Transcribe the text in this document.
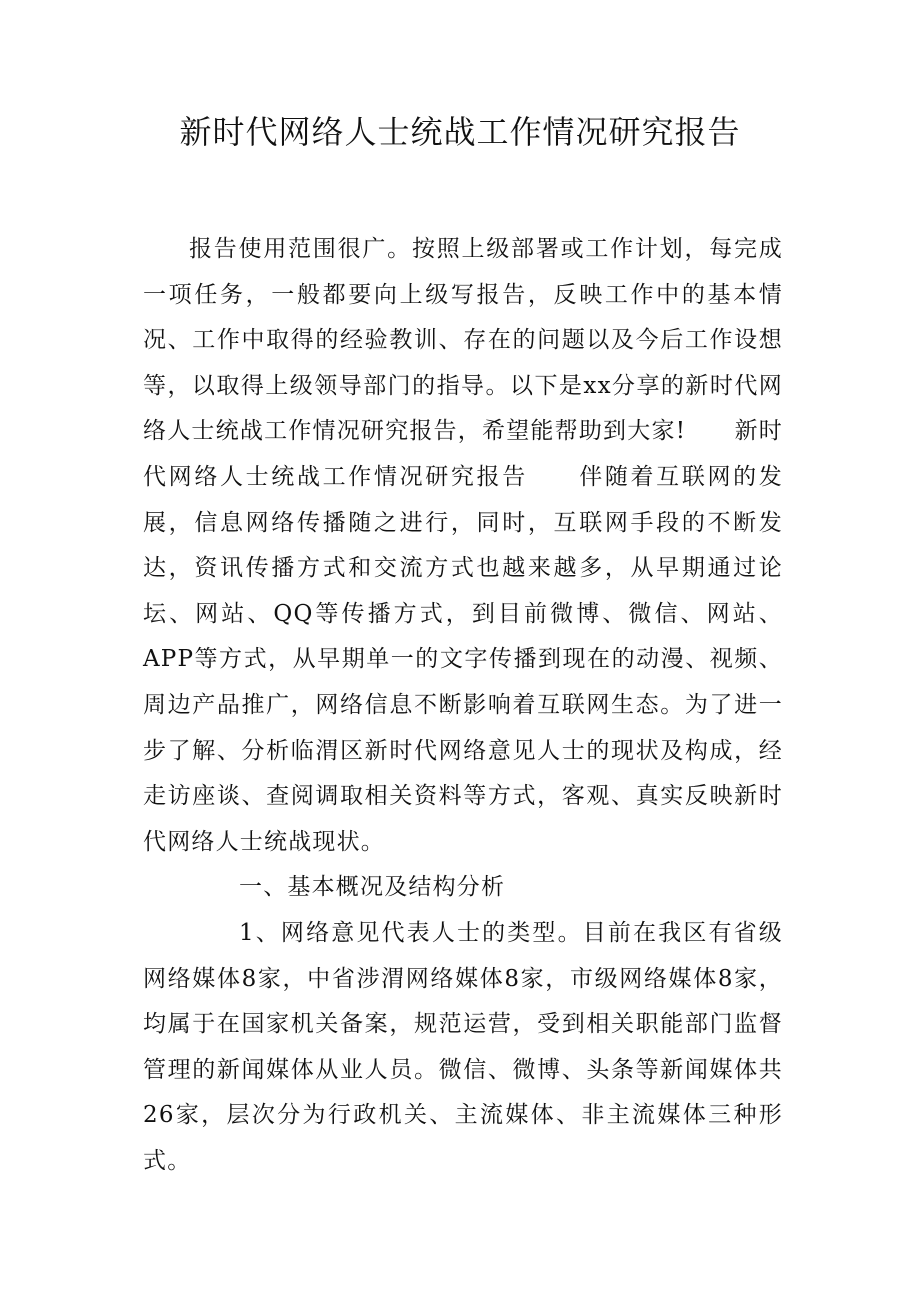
新时代网络人士统战工作情况研究报告

报告使用范围很广。按照上级部署或工作计划，每完成一项任务，一般都要向上级写报告，反映工作中的基本情况、工作中取得的经验教训、存在的问题以及今后工作设想等，以取得上级领导部门的指导。以下是xx分享的新时代网络人士统战工作情况研究报告，希望能帮助到大家!　　新时代网络人士统战工作情况研究报告　　伴随着互联网的发展，信息网络传播随之进行，同时，互联网手段的不断发达，资讯传播方式和交流方式也越来越多，从早期通过论坛、网站、QQ等传播方式，到目前微博、微信、网站、APP等方式，从早期单一的文字传播到现在的动漫、视频、周边产品推广，网络信息不断影响着互联网生态。为了进一步了解、分析临渭区新时代网络意见人士的现状及构成，经走访座谈、查阅调取相关资料等方式，客观、真实反映新时代网络人士统战现状。

一、基本概况及结构分析

1、网络意见代表人士的类型。目前在我区有省级网络媒体8家，中省涉渭网络媒体8家，市级网络媒体8家，均属于在国家机关备案，规范运营，受到相关职能部门监督管理的新闻媒体从业人员。微信、微博、头条等新闻媒体共26家，层次分为行政机关、主流媒体、非主流媒体三种形式。
